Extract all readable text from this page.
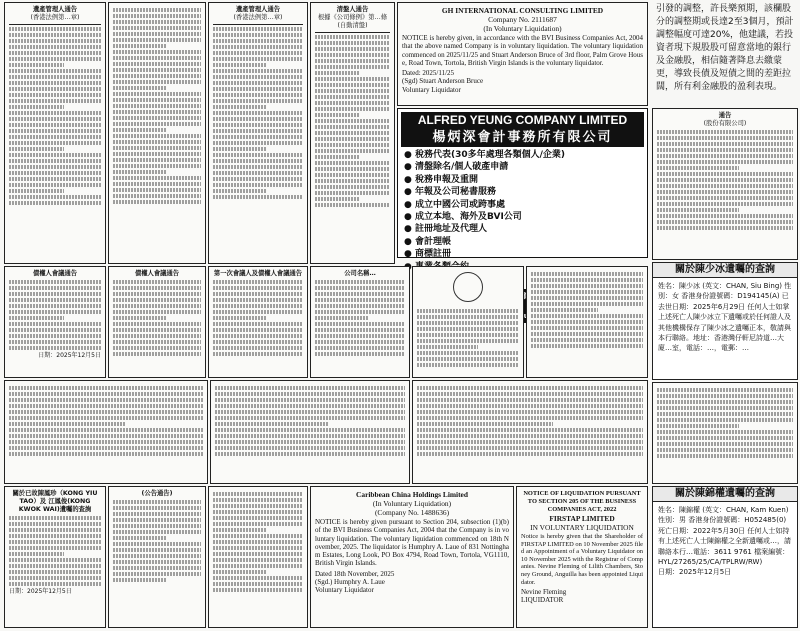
遺產管理人通告
(香港法例第…章)
遺產管理人通告
(香港法例第…章)
清盤人通告
根據《公司條例》第…條
(自動清盤)
GH INTERNATIONAL CONSULTING LIMITED
Company No. 2111687
(In Voluntary Liquidation)
NOTICE is hereby given, in accordance with the BVI Business Companies Act, 2004 that the above named Company is in voluntary liquidation. The voluntary liquidation commenced on 2025/11/25 and Stuart Anderson Bruce of 3rd floor, Palm Grove House, Road Town, Tortola, British Virgin Islands is the voluntary liquidator.
Dated: 2025/11/25
(Sgd) Stuart Anderson Bruce
Voluntary Liquidator
ALFRED YEUNG COMPANY LIMITED
楊炳深會計事務所有限公司
● 稅務代表(30多年處理各類個人/企業)
● 清盤除名/個人破產申請
● 稅務申報及重開
● 年報及公司秘書服務
● 成立中國公司或跨事處
● 成立本地、海外及BVI公司
● 註冊地址及代理人
● 會計理帳
● 商標註冊
引發的調整，許長樂預期，該欄股分的調整期或長達2至3個月，預計調整幅度可達20%，他建議，若投資者現下規股股可留意當地的銀行及金融股，相信隨著降息去繳蒙更，導致長債及短債之間的差距拉闊，所有利金融股的盈利表現。
通告
(股份有限公司)
債權人會議通告
日期：2025年12月5日
債權人會議通告	第一次會議人及債權人會議通告	公司名稱…	關於陳少冰遺囑的查詢
姓名：陳少冰 (英文：CHAN, Siu Bing) 性別：女 香港身份證號碼：D194145(A) 已去世日期：2025年6月29日 任何人士如掌上述死亡人陳少冰立下遺囑或於任何證人及其他機構保存了陳少冰之遺囑正本，敬請與本行聯絡。地址：香港灣仔軒尼詩道…大廈…室，電話：…，電郵：…
關於已故陳鳳珍（KONG YIU TAO）及 江鳳俊(KONG KWOK WAI)遺囑的查詢
日期：2025年12月5日
(公告通告)	Caribbean China Holdings Limited
(In Voluntary Liquidation)
(Company No. 1488636)
NOTICE is hereby given pursuant to Section 204, subsection (1)(b) of the BVI Business Companies Act, 2004 that the Company is in voluntary liquidation. The voluntary liquidation commenced on 18th November, 2025. The liquidator is Humphry A. Laue of 831 Nottingham Estates, Long Look, PO Box 4794, Road Town, Tortola, VG1110, British Virgin Islands.
Dated 18th November, 2025
(Sgd.) Humphry A. Laue
Voluntary Liquidator
NOTICE OF LIQUIDATION PURSUANT TO SECTION 205 OF THE BUSINESS COMPANIES ACT, 2022
FIRSTAP LIMITED
IN VOLUNTARY LIQUIDATION
Notice is hereby given that the Shareholder of FIRSTAP LIMITED on 10 November 2025 filed an Appointment of a Voluntary Liquidator on 10 November 2025 with the Registrar of Companies. Nevine Fleming of Lilith Chambers, Stoney Ground, Anguilla has been appointed Liquidator.
Nevine Fleming
LIQUIDATOR
關於陳錦權遺囑的查詢
姓名：陳錦權 (英文：CHAN, Kam Kuen) 性別：男 香港身份證號碼：H052485(0) 死亡日期：2022年5月30日 任何人士如持有上述死亡人士陳錦權之全新遺囑或…，請聯絡本行…電話：3611 9761 檔案編號：HYL/27265/25/CA/TPLRW/RW)
日期：2025年12月5日
